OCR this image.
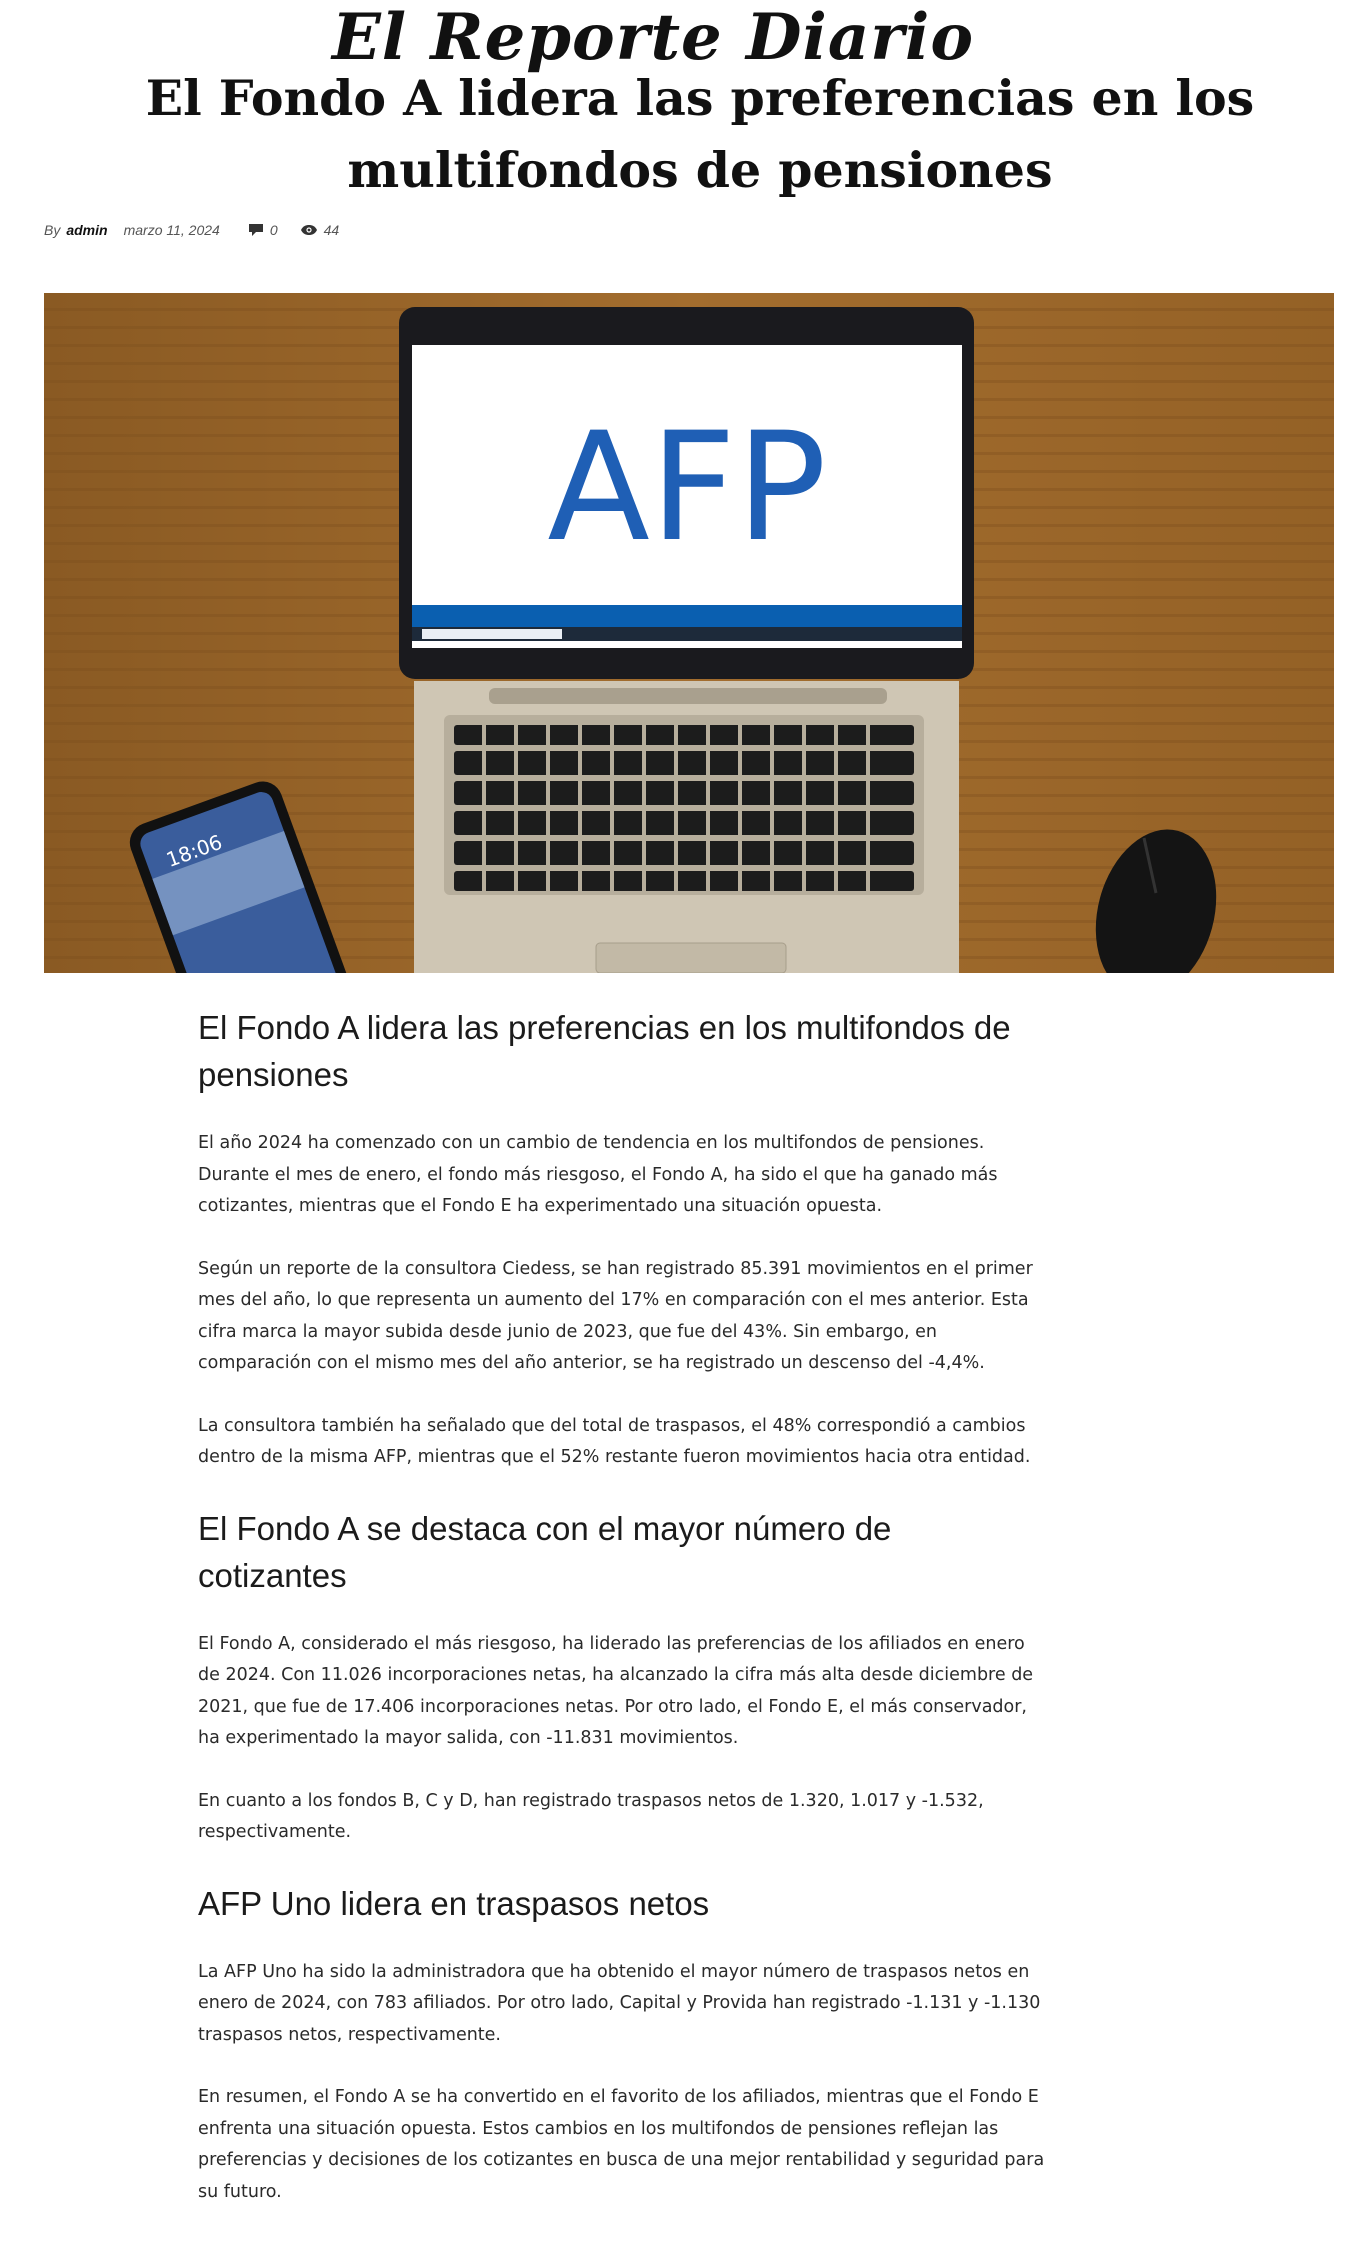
El Reporte Diario
El Fondo A lidera las preferencias en los multifondos de pensiones
By admin marzo 11, 2024	0	44
AFP
18:06
El Fondo A lidera las preferencias en los multifondos de pensiones

El año 2024 ha comenzado con un cambio de tendencia en los multifondos de pensiones. Durante el mes de enero, el fondo más riesgoso, el Fondo A, ha sido el que ha ganado más cotizantes, mientras que el Fondo E ha experimentado una situación opuesta.

Según un reporte de la consultora Ciedess, se han registrado 85.391 movimientos en el primer mes del año, lo que representa un aumento del 17% en comparación con el mes anterior. Esta cifra marca la mayor subida desde junio de 2023, que fue del 43%. Sin embargo, en comparación con el mismo mes del año anterior, se ha registrado un descenso del -4,4%.

La consultora también ha señalado que del total de traspasos, el 48% correspondió a cambios dentro de la misma AFP, mientras que el 52% restante fueron movimientos hacia otra entidad.

El Fondo A se destaca con el mayor número de cotizantes

El Fondo A, considerado el más riesgoso, ha liderado las preferencias de los afiliados en enero de 2024. Con 11.026 incorporaciones netas, ha alcanzado la cifra más alta desde diciembre de 2021, que fue de 17.406 incorporaciones netas. Por otro lado, el Fondo E, el más conservador, ha experimentado la mayor salida, con -11.831 movimientos.

En cuanto a los fondos B, C y D, han registrado traspasos netos de 1.320, 1.017 y -1.532, respectivamente.

AFP Uno lidera en traspasos netos

La AFP Uno ha sido la administradora que ha obtenido el mayor número de traspasos netos en enero de 2024, con 783 afiliados. Por otro lado, Capital y Provida han registrado -1.131 y -1.130 traspasos netos, respectivamente.

En resumen, el Fondo A se ha convertido en el favorito de los afiliados, mientras que el Fondo E enfrenta una situación opuesta. Estos cambios en los multifondos de pensiones reflejan las preferencias y decisiones de los cotizantes en busca de una mejor rentabilidad y seguridad para su futuro.
